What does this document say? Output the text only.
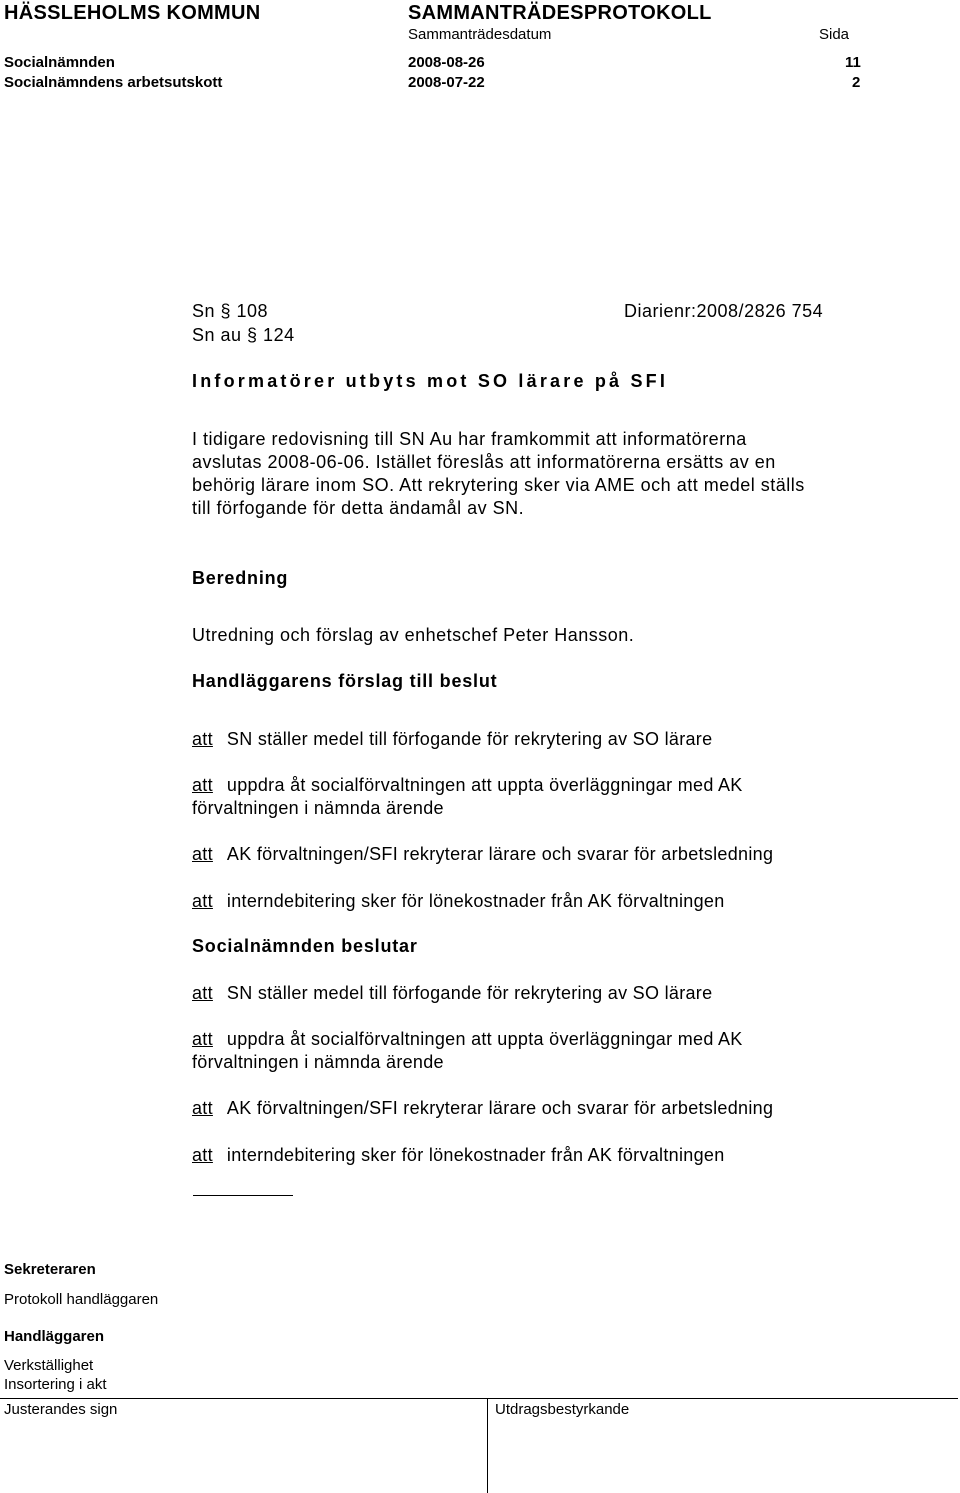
HÄSSLEHOLMS KOMMUN	SAMMANTRÄDESPROTOKOLL
Sammanträdesdatum	Sida
Socialnämnden	2008-08-26	11
Socialnämndens arbetsutskott	2008-07-22	2
Sn § 108	Diarienr:2008/2826 754
Sn au § 124
Informatörer utbyts mot SO lärare på SFI
I tidigare redovisning till SN Au har framkommit att informatörerna
avslutas 2008-06-06. Istället föreslås att informatörerna ersätts av en
behörig lärare inom SO. Att rekrytering sker via AME och att medel ställs
till förfogande för detta ändamål av SN.
Beredning
Utredning och förslag av enhetschef Peter Hansson.
Handläggarens förslag till beslut
att SN ställer medel till förfogande för rekrytering av SO lärare
att uppdra åt socialförvaltningen att uppta överläggningar med AK
förvaltningen i nämnda ärende
att AK förvaltningen/SFI rekryterar lärare och svarar för arbetsledning
att interndebitering sker för lönekostnader från AK förvaltningen
Socialnämnden beslutar
att SN ställer medel till förfogande för rekrytering av SO lärare
att uppdra åt socialförvaltningen att uppta överläggningar med AK
förvaltningen i nämnda ärende
att AK förvaltningen/SFI rekryterar lärare och svarar för arbetsledning
att interndebitering sker för lönekostnader från AK förvaltningen
Sekreteraren
Protokoll handläggaren
Handläggaren
Verkställighet
Insortering i akt
Justerandes sign	Utdragsbestyrkande
